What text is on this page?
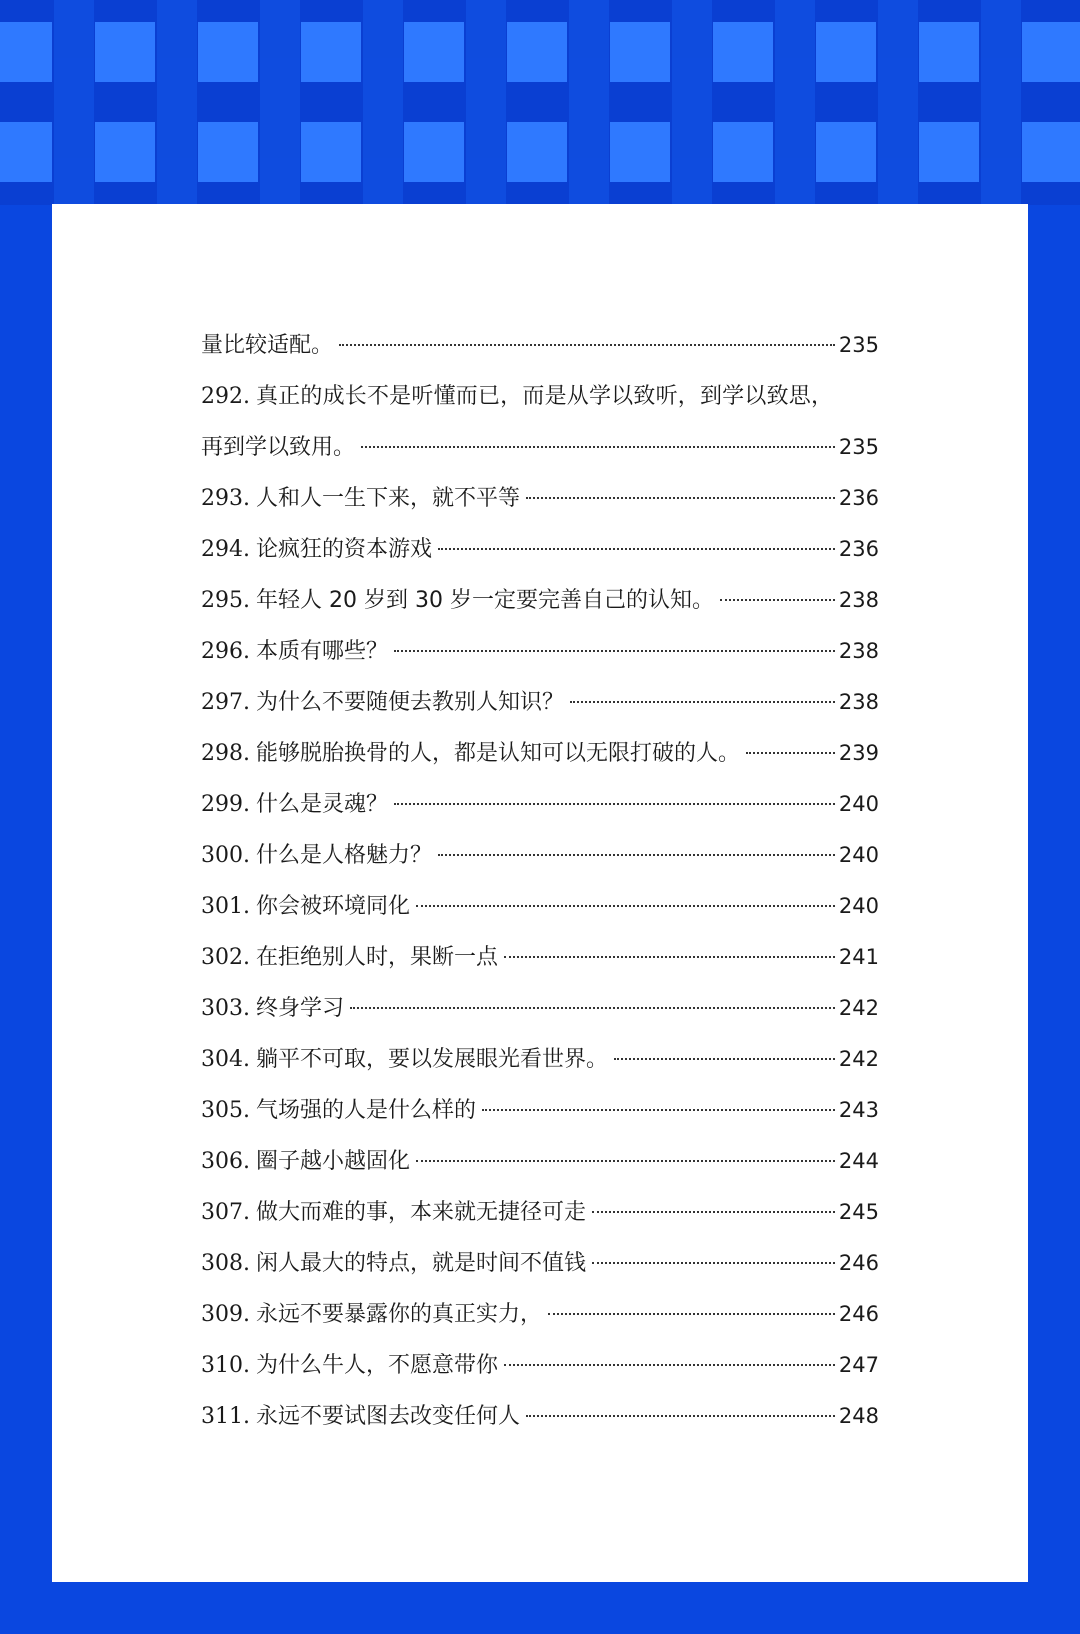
量比较适配。	235
292. 真正的成长不是听懂而已，而是从学以致听，到学以致思，
再到学以致用。	235
293. 人和人一生下来，就不平等	236
294. 论疯狂的资本游戏	236
295. 年轻人 20 岁到 30 岁一定要完善自己的认知。	238
296. 本质有哪些？	238
297. 为什么不要随便去教别人知识？	238
298. 能够脱胎换骨的人，都是认知可以无限打破的人。	239
299. 什么是灵魂？	240
300. 什么是人格魅力？	240
301. 你会被环境同化	240
302. 在拒绝别人时，果断一点	241
303. 终身学习	242
304. 躺平不可取，要以发展眼光看世界。	242
305. 气场强的人是什么样的	243
306. 圈子越小越固化	244
307. 做大而难的事，本来就无捷径可走	245
308. 闲人最大的特点，就是时间不值钱	246
309. 永远不要暴露你的真正实力，	246
310. 为什么牛人，不愿意带你	247
311. 永远不要试图去改变任何人	248
